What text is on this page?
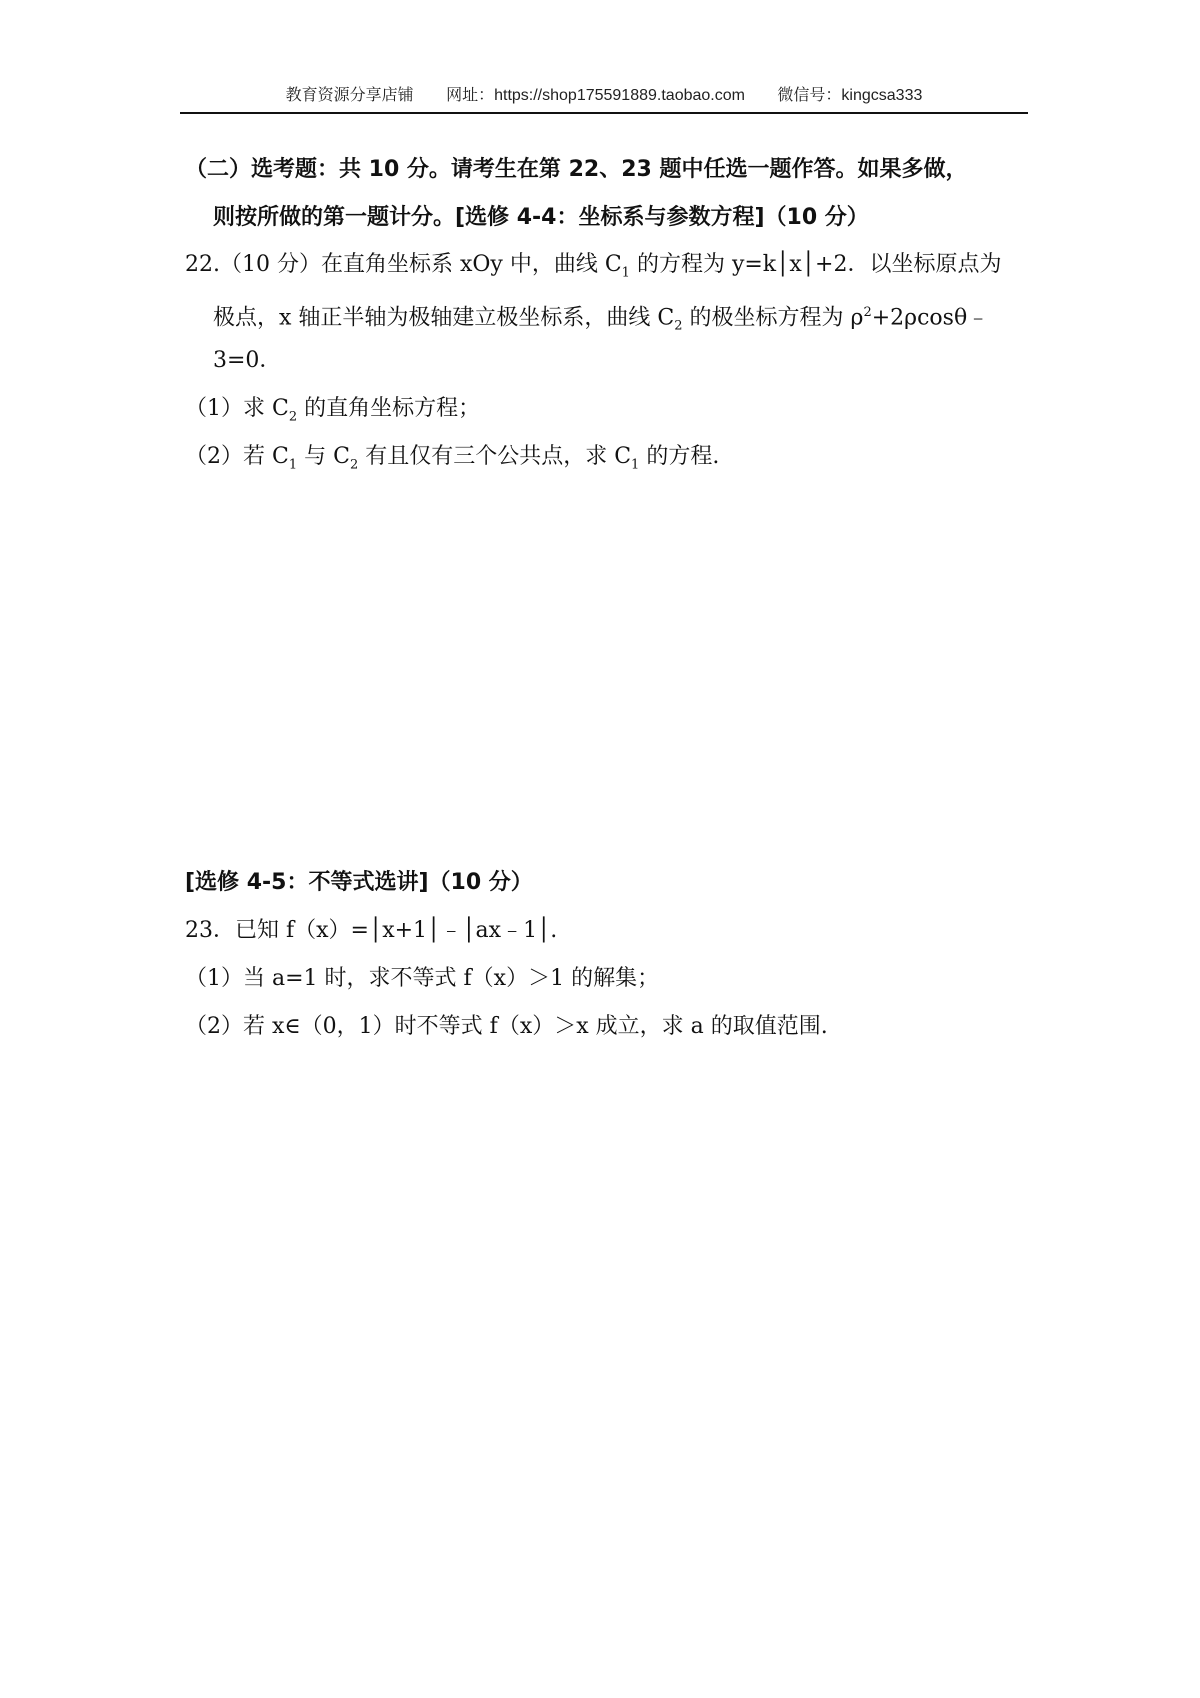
教育资源分享店铺 网址：https://shop175591889.taobao.com 微信号：kingcsa333
（二）选考题：共 10 分。请考生在第 22、23 题中任选一题作答。如果多做，
则按所做的第一题计分。[选修 4-4：坐标系与参数方程]（10 分）
22.（10 分）在直角坐标系 xOy 中，曲线 $C_1$ 的方程为 y=k│x│+2．以坐标原点为
极点，x 轴正半轴为极轴建立极坐标系，曲线 $C_2$ 的极坐标方程为 $\rho^2+2\rho\cos\theta﹣$
3=0．
（1）求 $C_2$ 的直角坐标方程；
（2）若 $C_1$ 与 $C_2$ 有且仅有三个公共点，求 $C_1$ 的方程.
[选修 4-5：不等式选讲]（10 分）
23．已知 f（x）=│x+1│﹣│ax﹣1│.
（1）当 a=1 时，求不等式 f（x）＞1 的解集；
（2）若 x∈（0，1）时不等式 f（x）＞x 成立，求 a 的取值范围.
